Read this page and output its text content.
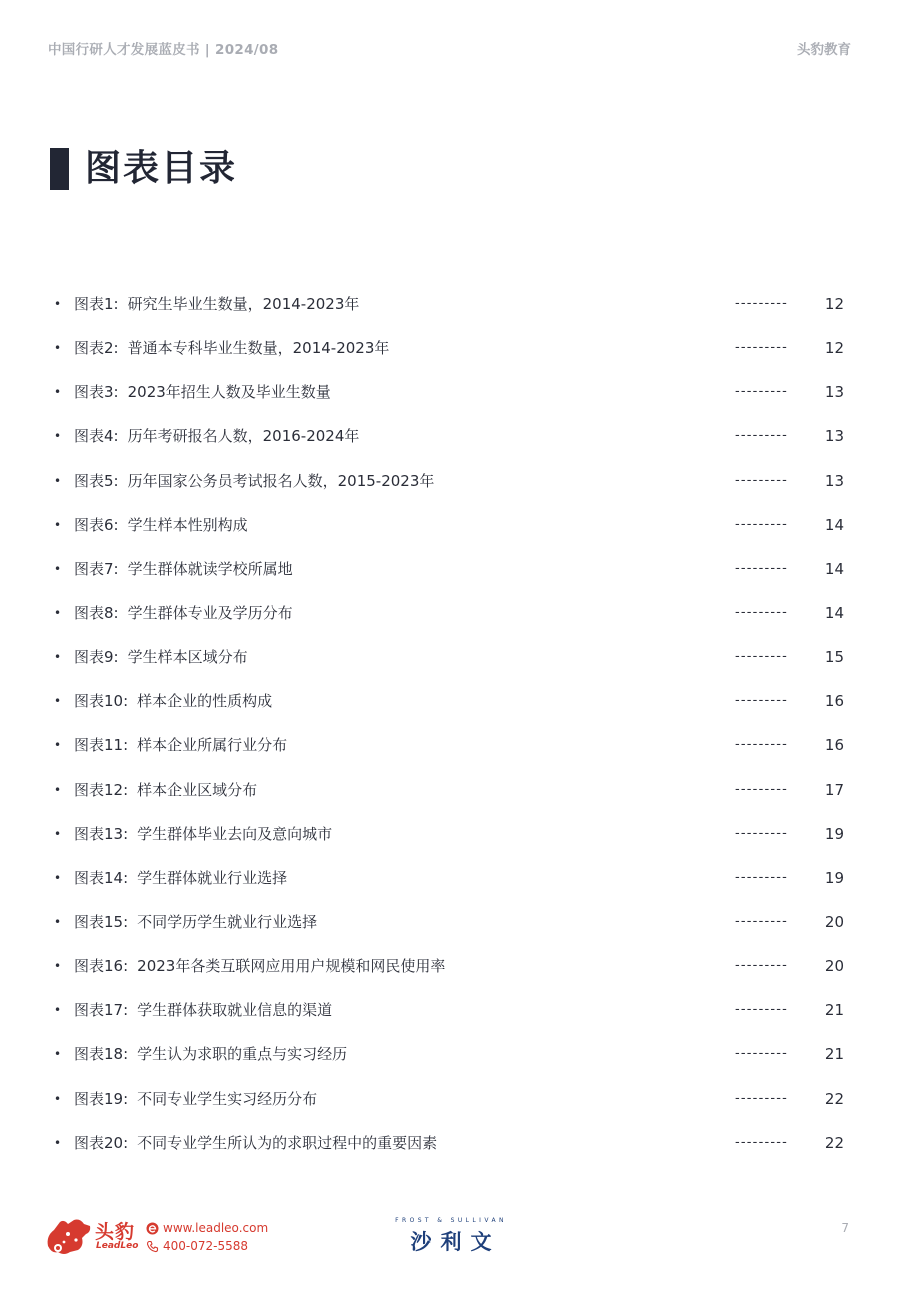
中国行研人才发展蓝皮书 | 2024/08	头豹教育
图表目录
• 图表1: 研究生毕业生数量，2014-2023年	--------- 12
• 图表2: 普通本专科毕业生数量，2014-2023年	--------- 12
• 图表3: 2023年招生人数及毕业生数量	--------- 13
• 图表4: 历年考研报名人数，2016-2024年	--------- 13
• 图表5: 历年国家公务员考试报名人数，2015-2023年	--------- 13
• 图表6: 学生样本性别构成	--------- 14
• 图表7: 学生群体就读学校所属地	--------- 14
• 图表8: 学生群体专业及学历分布	--------- 14
• 图表9: 学生样本区域分布	--------- 15
• 图表10: 样本企业的性质构成	--------- 16
• 图表11: 样本企业所属行业分布	--------- 16
• 图表12: 样本企业区域分布	--------- 17
• 图表13: 学生群体毕业去向及意向城市	--------- 19
• 图表14: 学生群体就业行业选择	--------- 19
• 图表15: 不同学历学生就业行业选择	--------- 20
• 图表16: 2023年各类互联网应用用户规模和网民使用率	--------- 20
• 图表17: 学生群体获取就业信息的渠道	--------- 21
• 图表18: 学生认为求职的重点与实习经历	--------- 21
• 图表19: 不同专业学生实习经历分布	--------- 22
• 图表20: 不同专业学生所认为的求职过程中的重要因素	--------- 22
头豹
LeadLeo
www.leadleo.com
400-072-5588
FROST & SULLIVAN
沙利文
7
